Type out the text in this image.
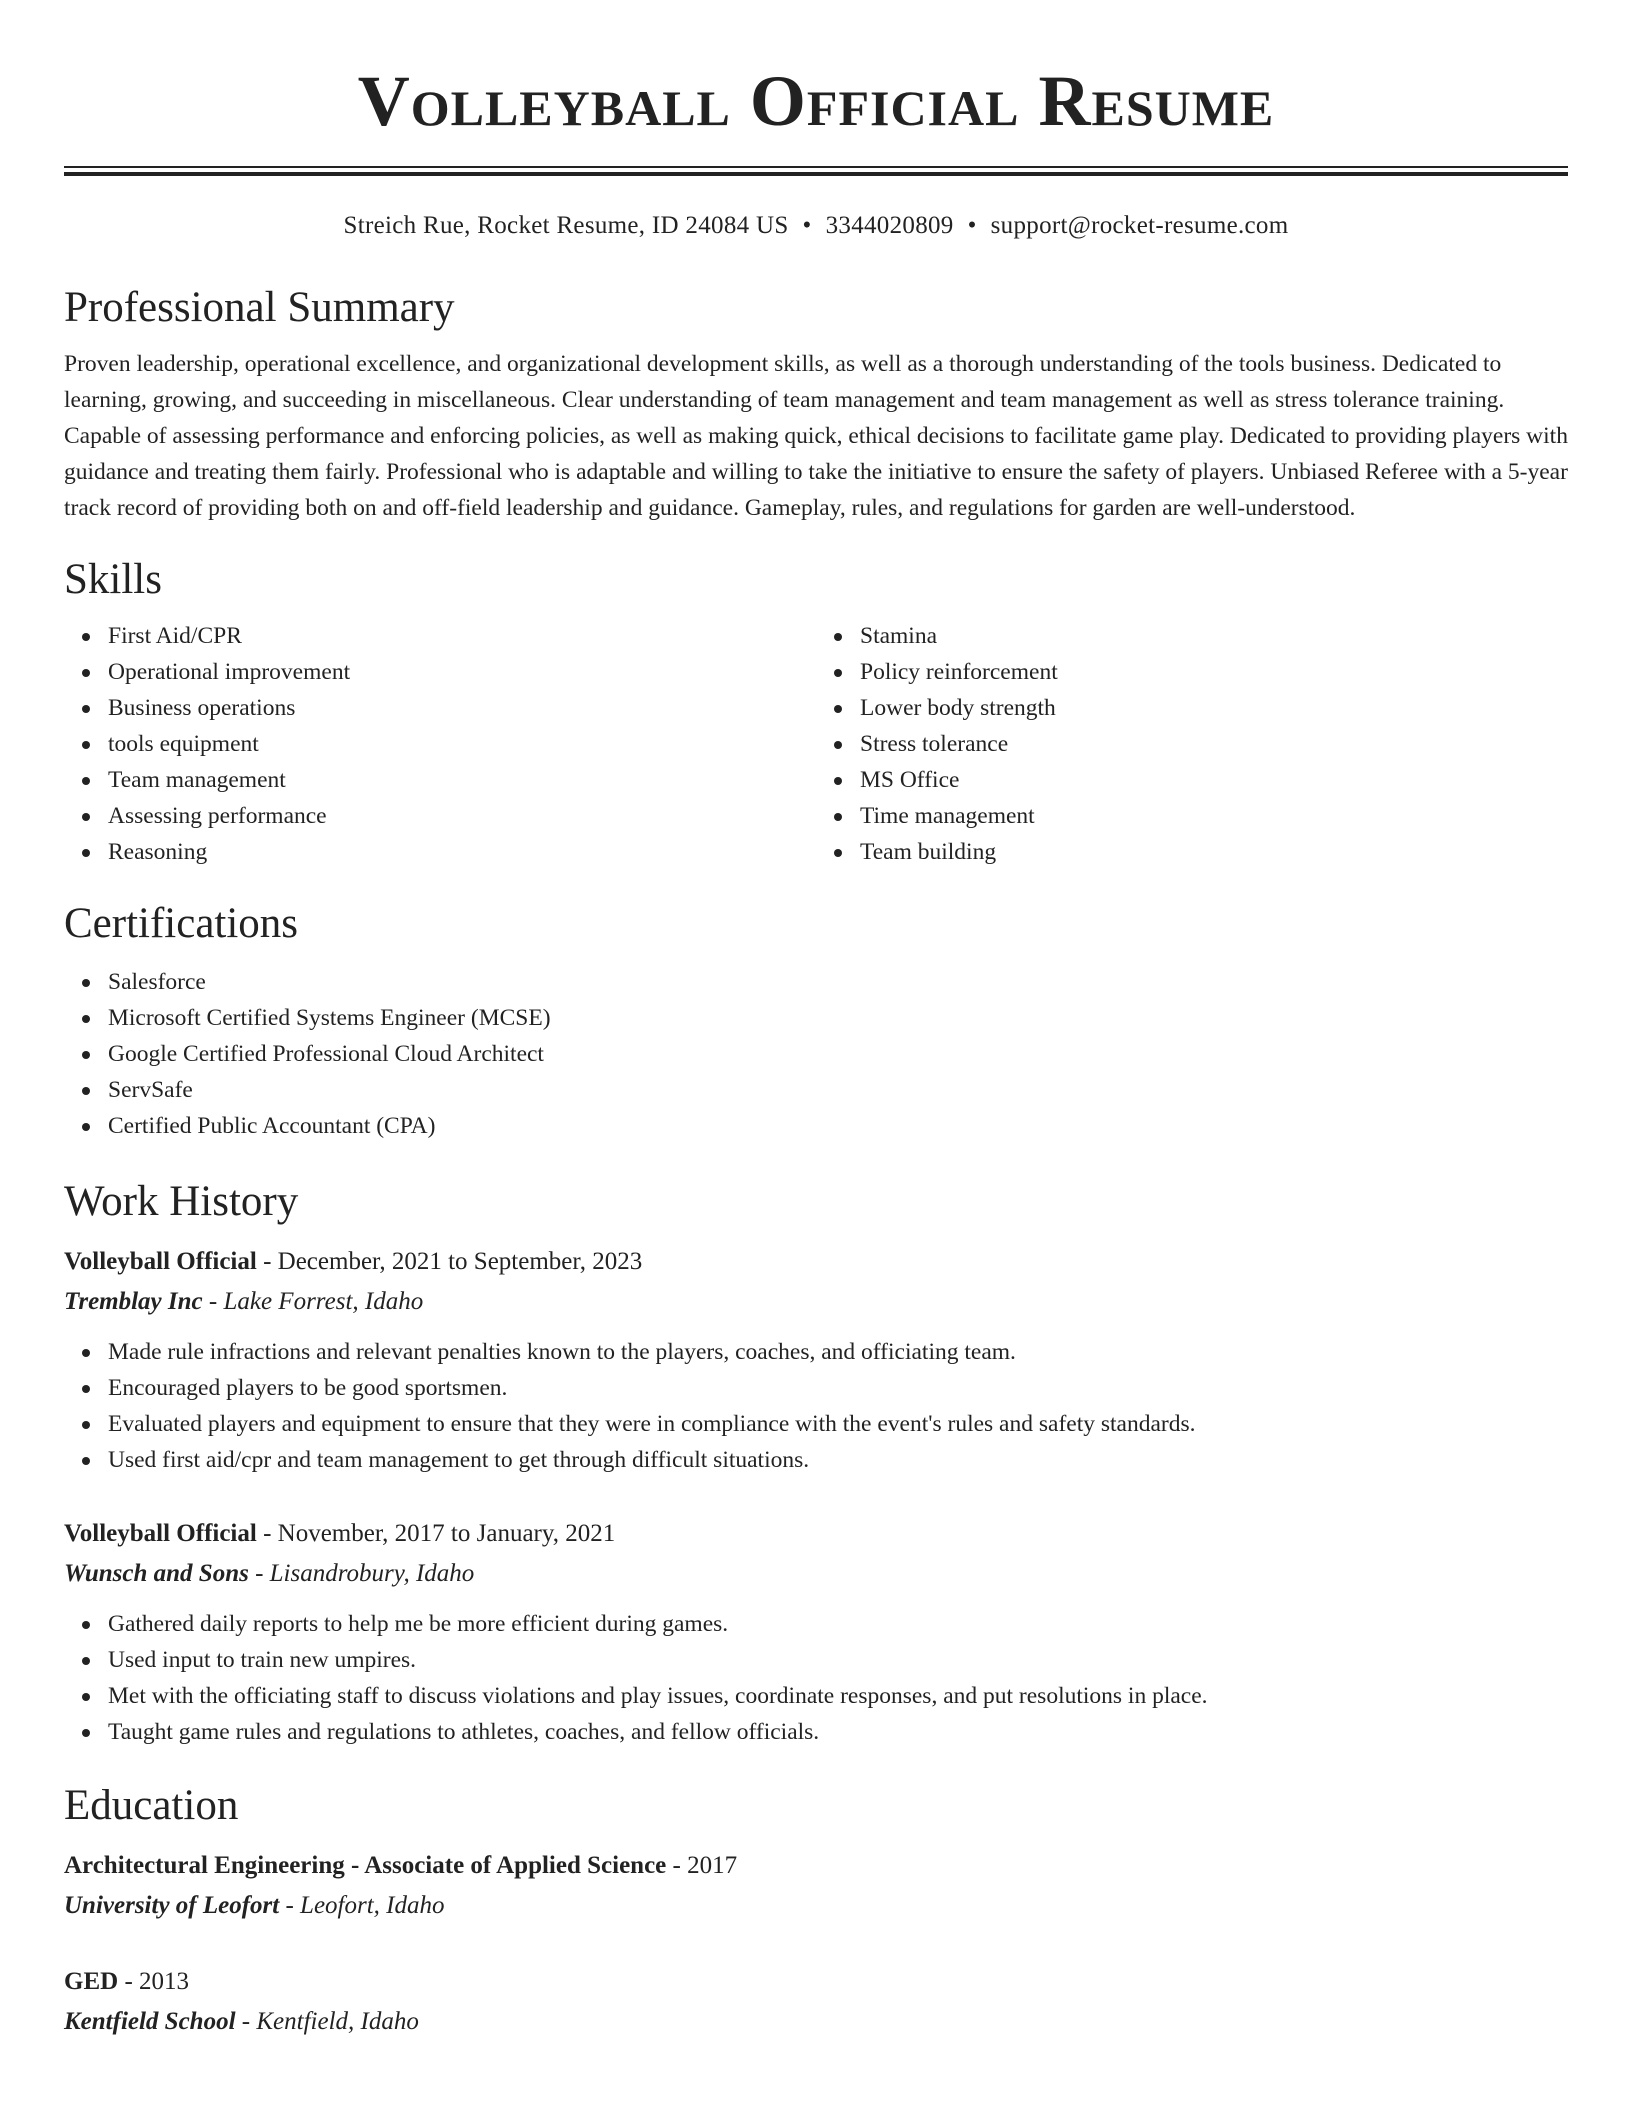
Volleyball Official Resume
Streich Rue, Rocket Resume, ID 24084 US • 3344020809 • support@rocket-resume.com
Professional Summary

Proven leadership, operational excellence, and organizational development skills, as well as a thorough understanding of the tools business. Dedicated to learning, growing, and succeeding in miscellaneous. Clear understanding of team management and team management as well as stress tolerance training. Capable of assessing performance and enforcing policies, as well as making quick, ethical decisions to facilitate game play. Dedicated to providing players with guidance and treating them fairly. Professional who is adaptable and willing to take the initiative to ensure the safety of players. Unbiased Referee with a 5-year track record of providing both on and off-field leadership and guidance. Gameplay, rules, and regulations for garden are well-understood.

Skills
First Aid/CPR
Operational improvement
Business operations
tools equipment
Team management
Assessing performance
Reasoning
Stamina
Policy reinforcement
Lower body strength
Stress tolerance
MS Office
Time management
Team building
Certifications
Salesforce
Microsoft Certified Systems Engineer (MCSE)
Google Certified Professional Cloud Architect
ServSafe
Certified Public Accountant (CPA)
Work History
Volleyball Official - December, 2021 to September, 2023
Tremblay Inc - Lake Forrest, Idaho
Made rule infractions and relevant penalties known to the players, coaches, and officiating team.
Encouraged players to be good sportsmen.
Evaluated players and equipment to ensure that they were in compliance with the event's rules and safety standards.
Used first aid/cpr and team management to get through difficult situations.
Volleyball Official - November, 2017 to January, 2021
Wunsch and Sons - Lisandrobury, Idaho
Gathered daily reports to help me be more efficient during games.
Used input to train new umpires.
Met with the officiating staff to discuss violations and play issues, coordinate responses, and put resolutions in place.
Taught game rules and regulations to athletes, coaches, and fellow officials.
Education
Architectural Engineering - Associate of Applied Science - 2017
University of Leofort - Leofort, Idaho
GED - 2013
Kentfield School - Kentfield, Idaho
